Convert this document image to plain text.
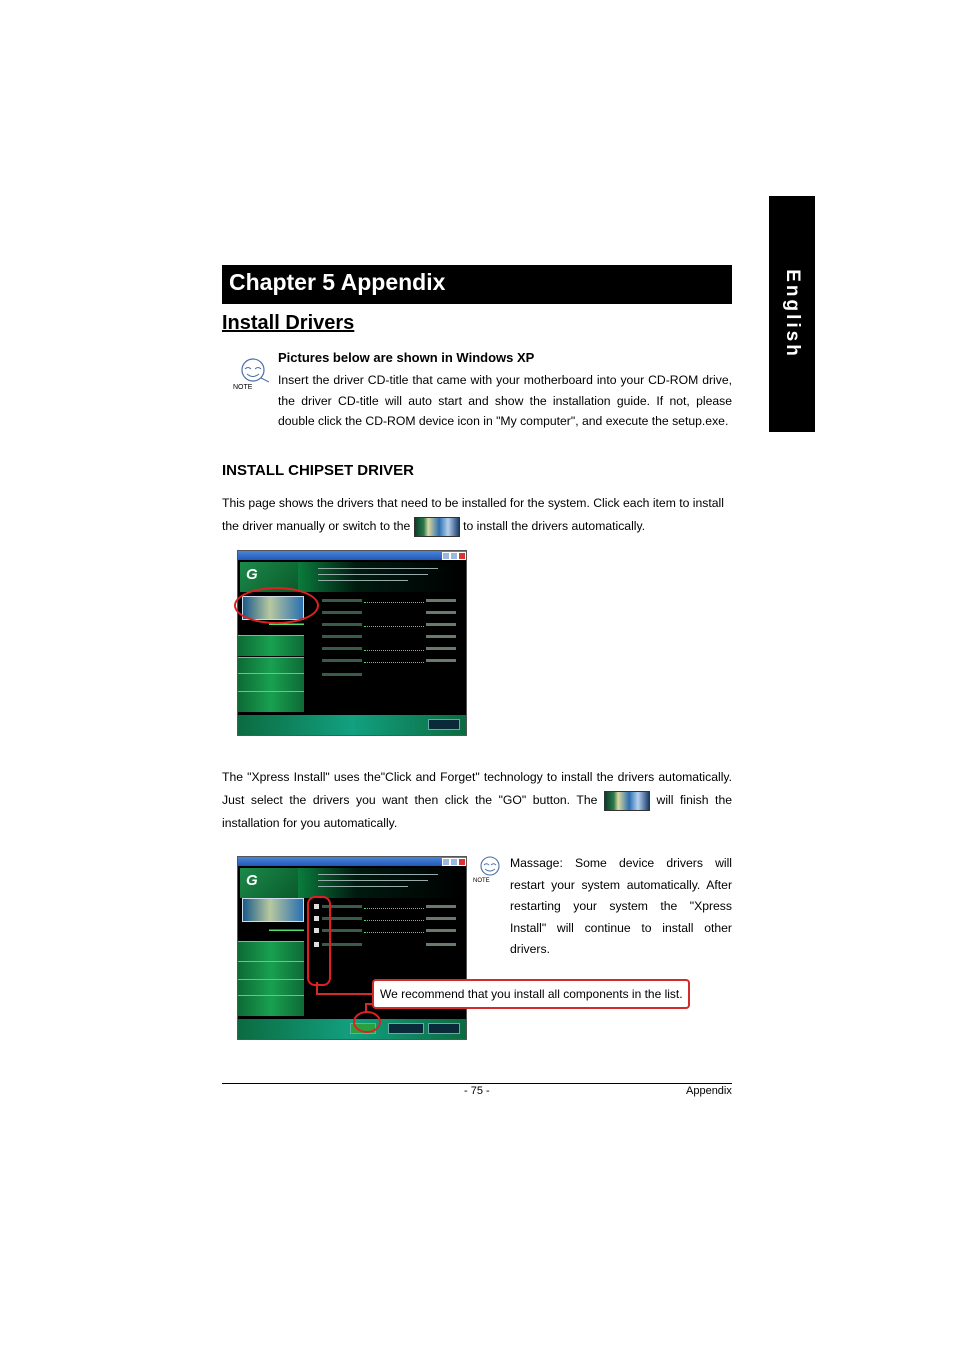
English
Chapter 5 Appendix
Install Drivers
NOTE
Pictures below are shown in Windows XP
Insert the driver CD-title that came with your motherboard into your CD-ROM drive, the driver CD-title will auto start and show the installation guide. If not, please double click the CD-ROM device icon in "My computer", and execute the setup.exe.
INSTALL CHIPSET DRIVER
This page shows the drivers that need to be installed for the system. Click each item to install the driver manually or switch to the	to install the drivers automatically.
G
▬▬▬▬▬▬▬
The "Xpress Install" uses the"Click and Forget" technology to install the drivers automatically. Just select the drivers you want then click the "GO" button. The	will finish the installation for you automatically.
G
▬▬▬▬▬▬▬
We recommend that you install all components in the list.
NOTE
Massage: Some device drivers will restart your system automatically. After restarting your system the "Xpress Install" will continue to install other drivers.
- 75 -	Appendix
